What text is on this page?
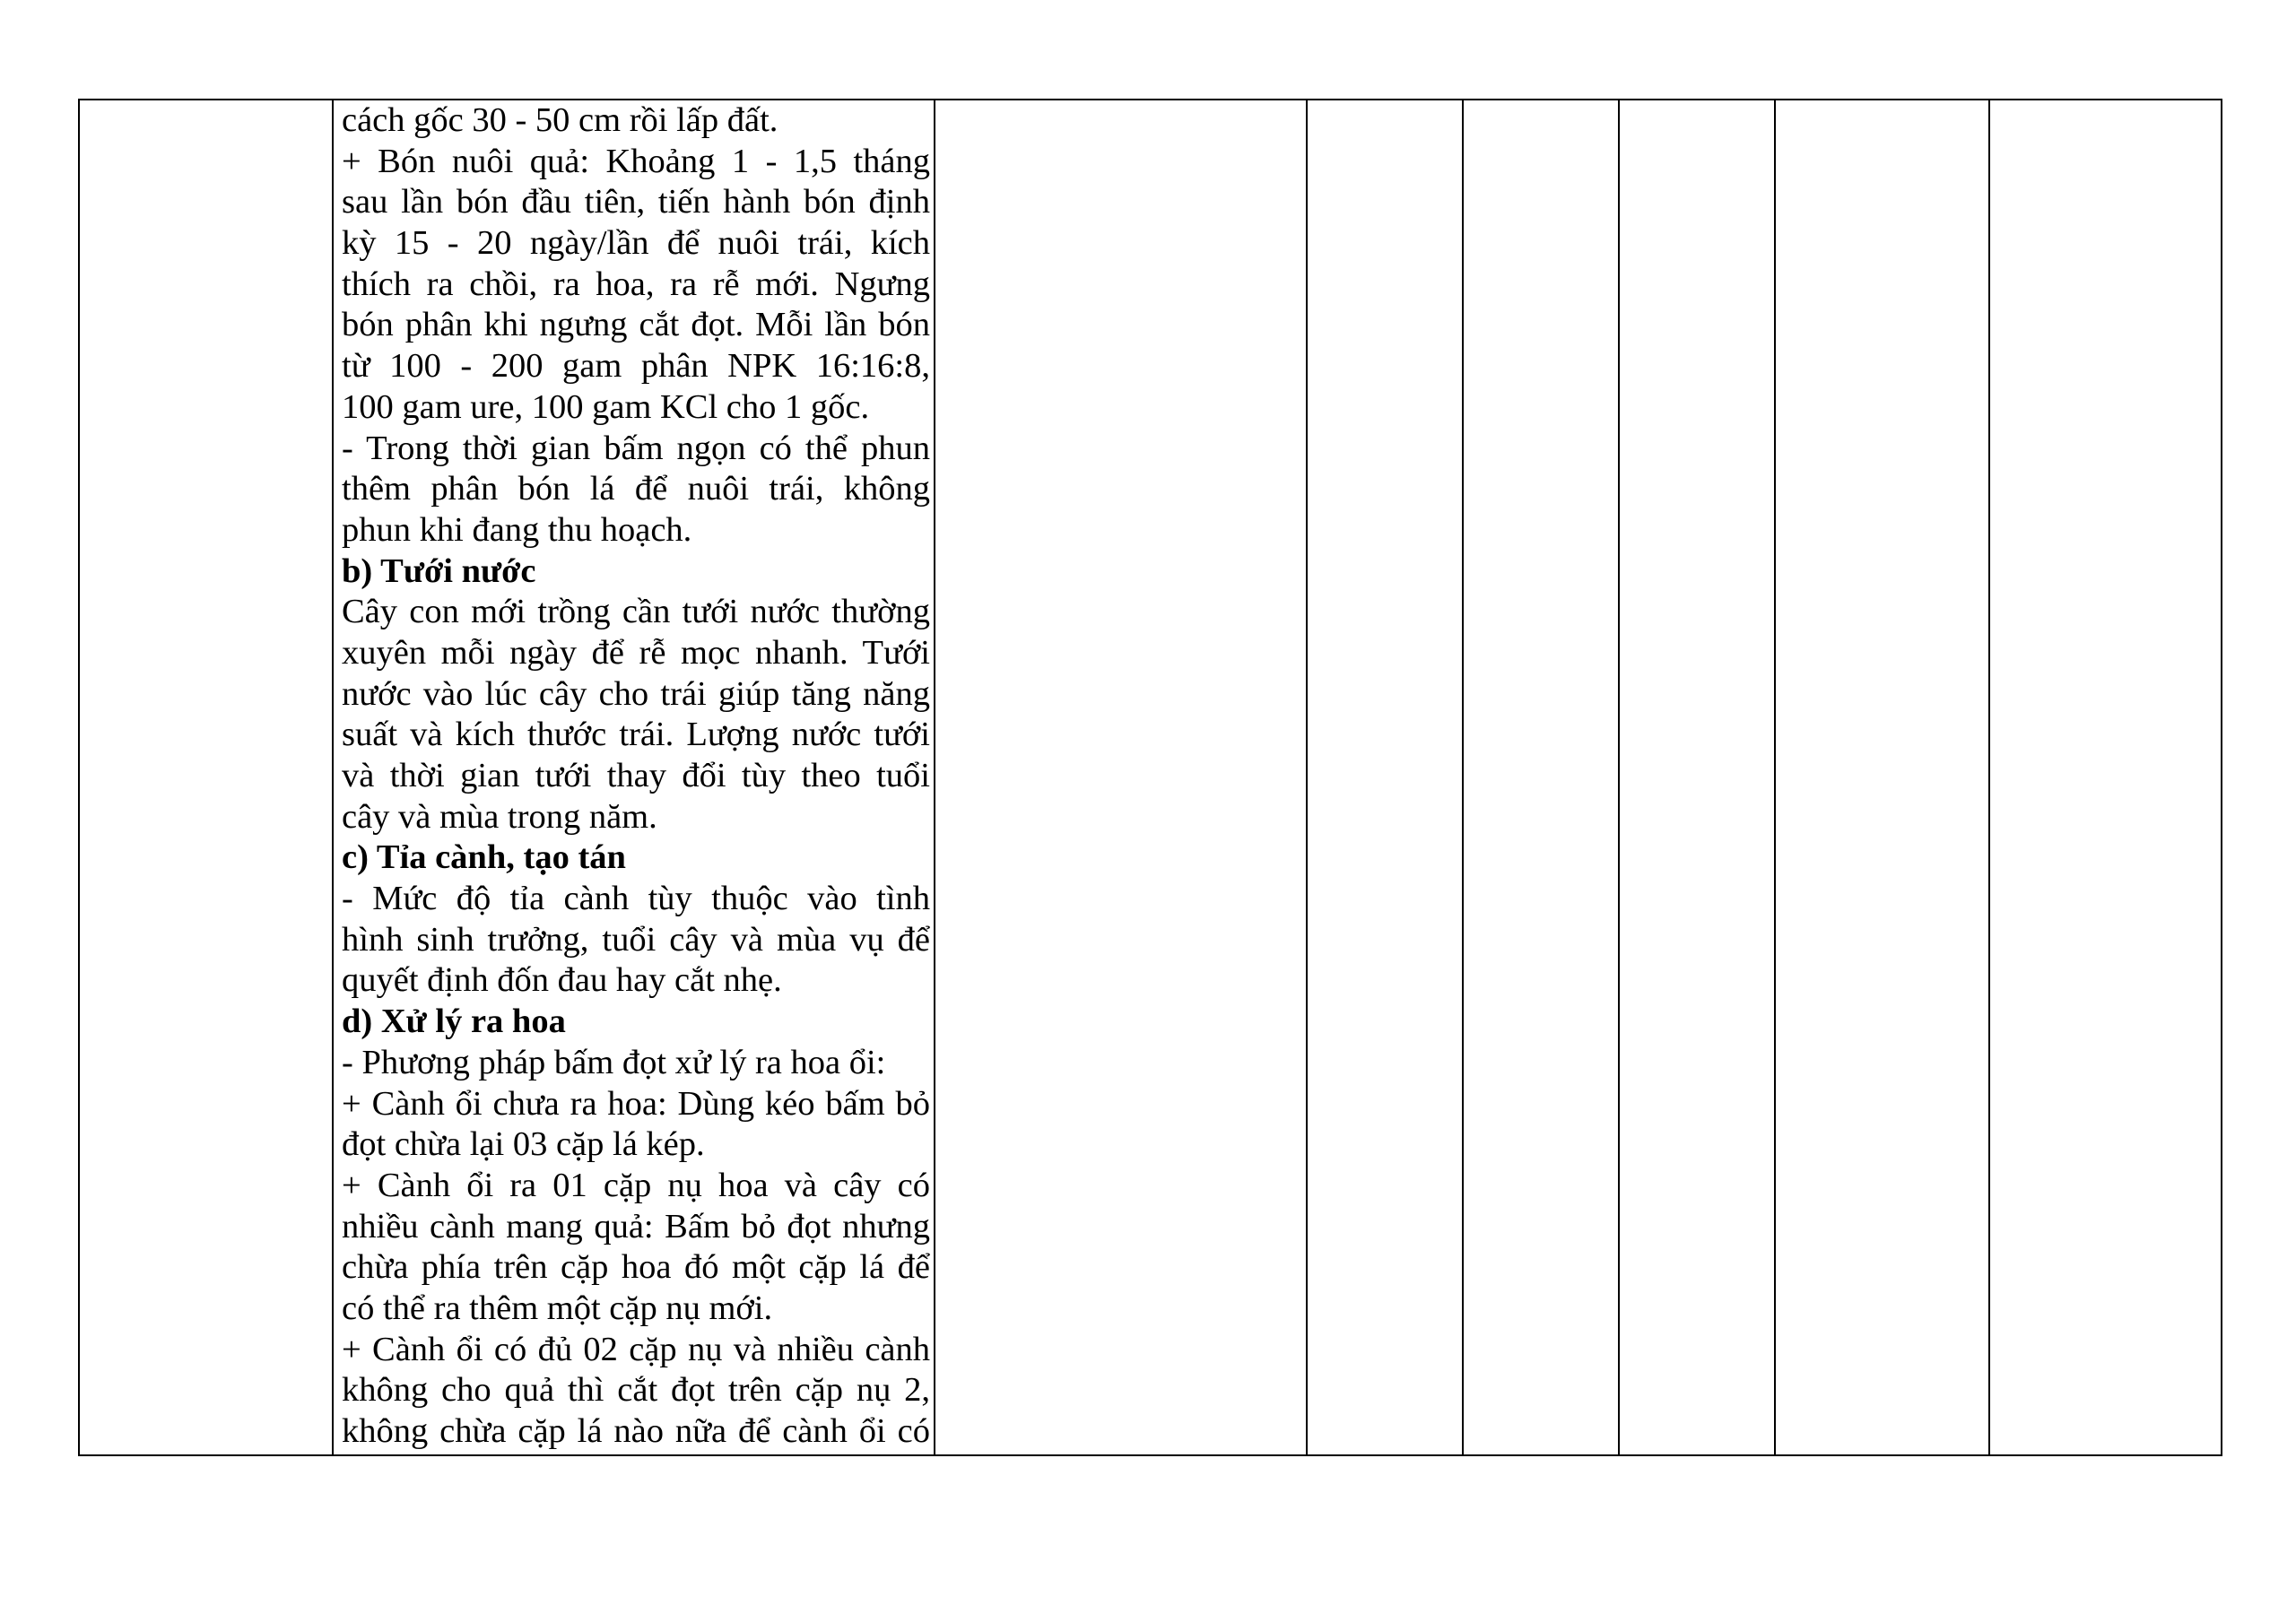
cách gốc 30 - 50 cm rồi lấp đất.
+ Bón nuôi quả: Khoảng 1 - 1,5 tháng
sau lần bón đầu tiên, tiến hành bón định
kỳ 15 - 20 ngày/lần để nuôi trái, kích
thích ra chồi, ra hoa, ra rễ mới. Ngưng
bón phân khi ngưng cắt đọt. Mỗi lần bón
từ 100 - 200 gam phân NPK 16:16:8,
100 gam ure, 100 gam KCl cho 1 gốc.
- Trong thời gian bấm ngọn có thể phun
thêm phân bón lá để nuôi trái, không
phun khi đang thu hoạch.
b) Tưới nước
Cây con mới trồng cần tưới nước thường
xuyên mỗi ngày để rễ mọc nhanh. Tưới
nước vào lúc cây cho trái giúp tăng năng
suất và kích thước trái. Lượng nước tưới
và thời gian tưới thay đổi tùy theo tuổi
cây và mùa trong năm.
c) Tỉa cành, tạo tán
- Mức độ tỉa cành tùy thuộc vào tình
hình sinh trưởng, tuổi cây và mùa vụ để
quyết định đốn đau hay cắt nhẹ.
d) Xử lý ra hoa
- Phương pháp bấm đọt xử lý ra hoa ổi:
+ Cành ổi chưa ra hoa: Dùng kéo bấm bỏ
đọt chừa lại 03 cặp lá kép.
+ Cành ổi ra 01 cặp nụ hoa và cây có
nhiều cành mang quả: Bấm bỏ đọt nhưng
chừa phía trên cặp hoa đó một cặp lá để
có thể ra thêm một cặp nụ mới.
+ Cành ổi có đủ 02 cặp nụ và nhiều cành
không cho quả thì cắt đọt trên cặp nụ 2,
không chừa cặp lá nào nữa để cành ổi có
